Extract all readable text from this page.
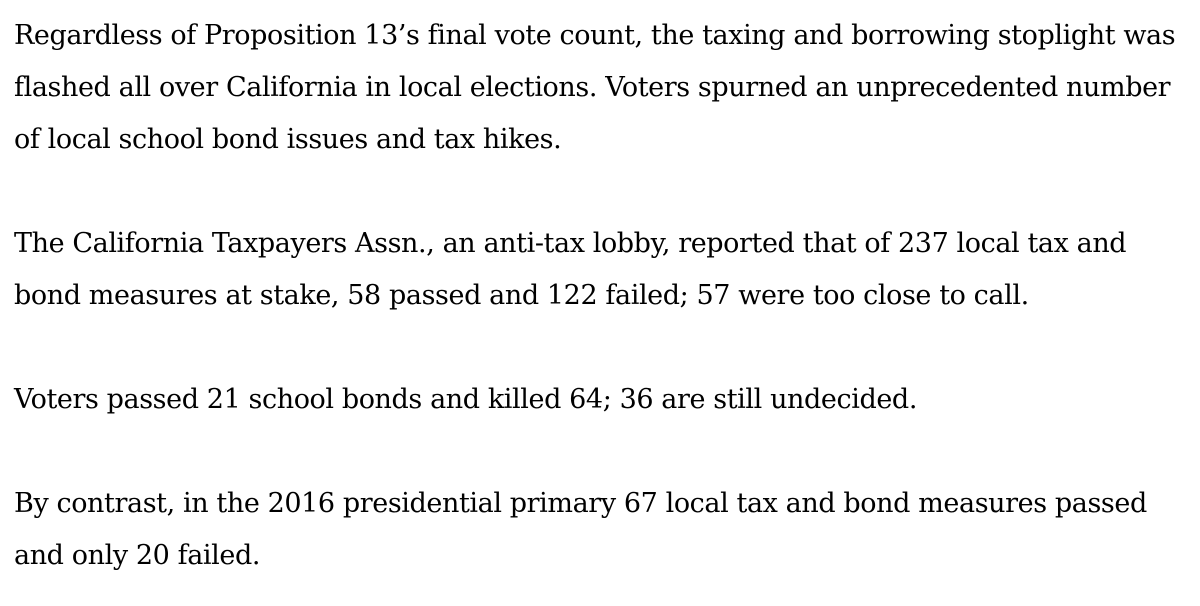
Regardless of Proposition 13’s final vote count, the taxing and borrowing stoplight was flashed all over California in local elections. Voters spurned an unprecedented number of local school bond issues and tax hikes.

The California Taxpayers Assn., an anti-tax lobby, reported that of 237 local tax and bond measures at stake, 58 passed and 122 failed; 57 were too close to call.

Voters passed 21 school bonds and killed 64; 36 are still undecided.

By contrast, in the 2016 presidential primary 67 local tax and bond measures passed and only 20 failed.
